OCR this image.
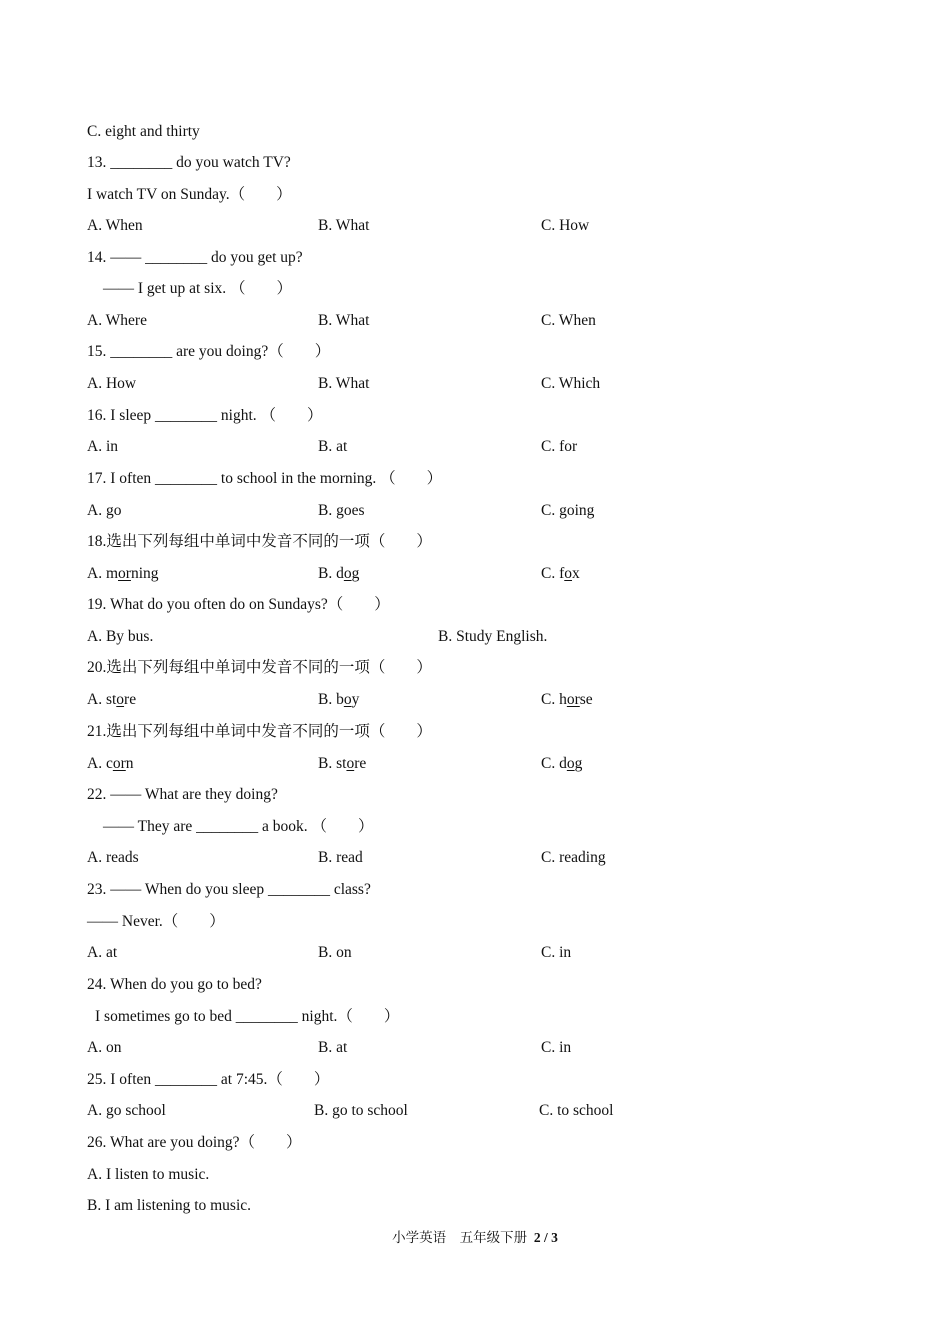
C. eight and thirty
13. ________ do you watch TV?
I watch TV on Sunday.（　　）
A. When	B. What	C. How
14. —— ________ do you get up?
—— I get up at six. （　　）
A. Where	B. What	C. When
15. ________ are you doing?（　　）
A. How	B. What	C. Which
16. I sleep ________ night. （　　）
A. in	B. at	C. for
17. I often ________ to school in the morning. （　　）
A. go	B. goes	C. going
18.选出下列每组中单词中发音不同的一项（　　）
A. morning	B. dog	C. fox
19. What do you often do on Sundays?（　　）
A. By bus.	B. Study English.
20.选出下列每组中单词中发音不同的一项（　　）
A. store	B. boy	C. horse
21.选出下列每组中单词中发音不同的一项（　　）
A. corn	B. store	C. dog
22. —— What are they doing?
—— They are ________ a book. （　　）
A. reads	B. read	C. reading
23. —— When do you sleep ________ class?
—— Never.（　　）
A. at	B. on	C. in
24. When do you go to bed?
I sometimes go to bed ________ night.（　　）
A. on	B. at	C. in
25. I often ________ at 7:45.（　　）
A. go school	B. go to school	C. to school
26. What are you doing?（　　）
A. I listen to music.
B. I am listening to music.
小学英语 五年级下册 2 / 3
